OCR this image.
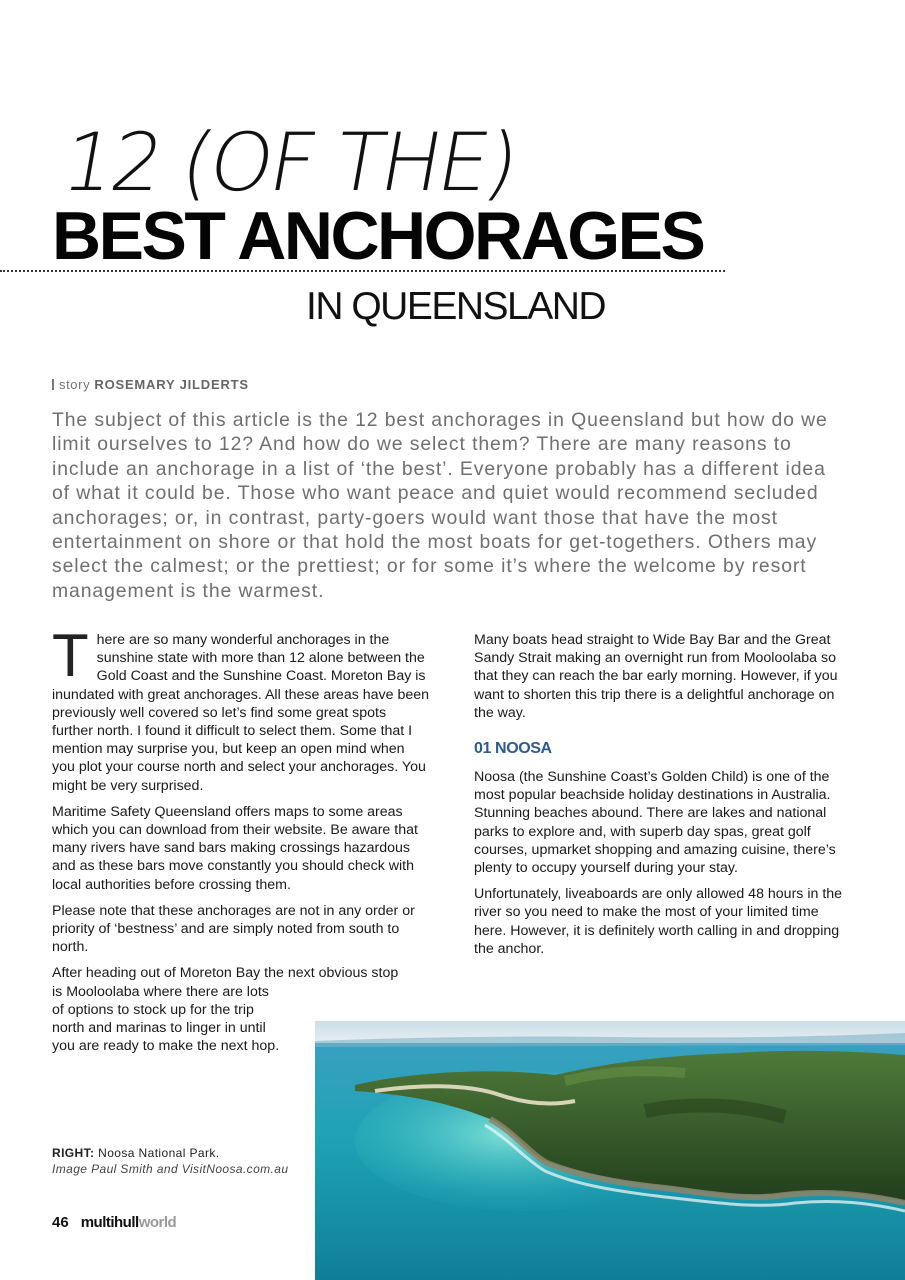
12 (OF THE)
BEST ANCHORAGES
IN QUEENSLAND
story ROSEMARY JILDERTS

The subject of this article is the 12 best anchorages in Queensland but how do we limit ourselves to 12? And how do we select them? There are many reasons to include an anchorage in a list of ‘the best’. Everyone probably has a different idea of what it could be. Those who want peace and quiet would recommend secluded anchorages; or, in contrast, party-goers would want those that have the most entertainment on shore or that hold the most boats for get-togethers. Others may select the calmest; or the prettiest; or for some it’s where the welcome by resort management is the warmest.

There are so many wonderful anchorages in the sunshine state with more than 12 alone between the Gold Coast and the Sunshine Coast. Moreton Bay is inundated with great anchorages. All these areas have been previously well covered so let’s find some great spots further north. I found it difficult to select them. Some that I mention may surprise you, but keep an open mind when you plot your course north and select your anchorages. You might be very surprised.

Maritime Safety Queensland offers maps to some areas which you can download from their website. Be aware that many rivers have sand bars making crossings hazardous and as these bars move constantly you should check with local authorities before crossing them.

Please note that these anchorages are not in any order or priority of ‘bestness’ and are simply noted from south to north.

After heading out of Moreton Bay the next obvious stop

is Mooloolaba where there are lots of options to stock up for the trip north and marinas to linger in until you are ready to make the next hop.

Many boats head straight to Wide Bay Bar and the Great Sandy Strait making an overnight run from Mooloolaba so that they can reach the bar early morning. However, if you want to shorten this trip there is a delightful anchorage on the way.

01 NOOSA

Noosa (the Sunshine Coast’s Golden Child) is one of the most popular beachside holiday destinations in Australia. Stunning beaches abound. There are lakes and national parks to explore and, with superb day spas, great golf courses, upmarket shopping and amazing cuisine, there’s plenty to occupy yourself during your stay.

Unfortunately, liveaboards are only allowed 48 hours in the river so you need to make the most of your limited time here. However, it is definitely worth calling in and dropping the anchor.

RIGHT: Noosa National Park.
Image Paul Smith and VisitNoosa.com.au
46 multihullworld
